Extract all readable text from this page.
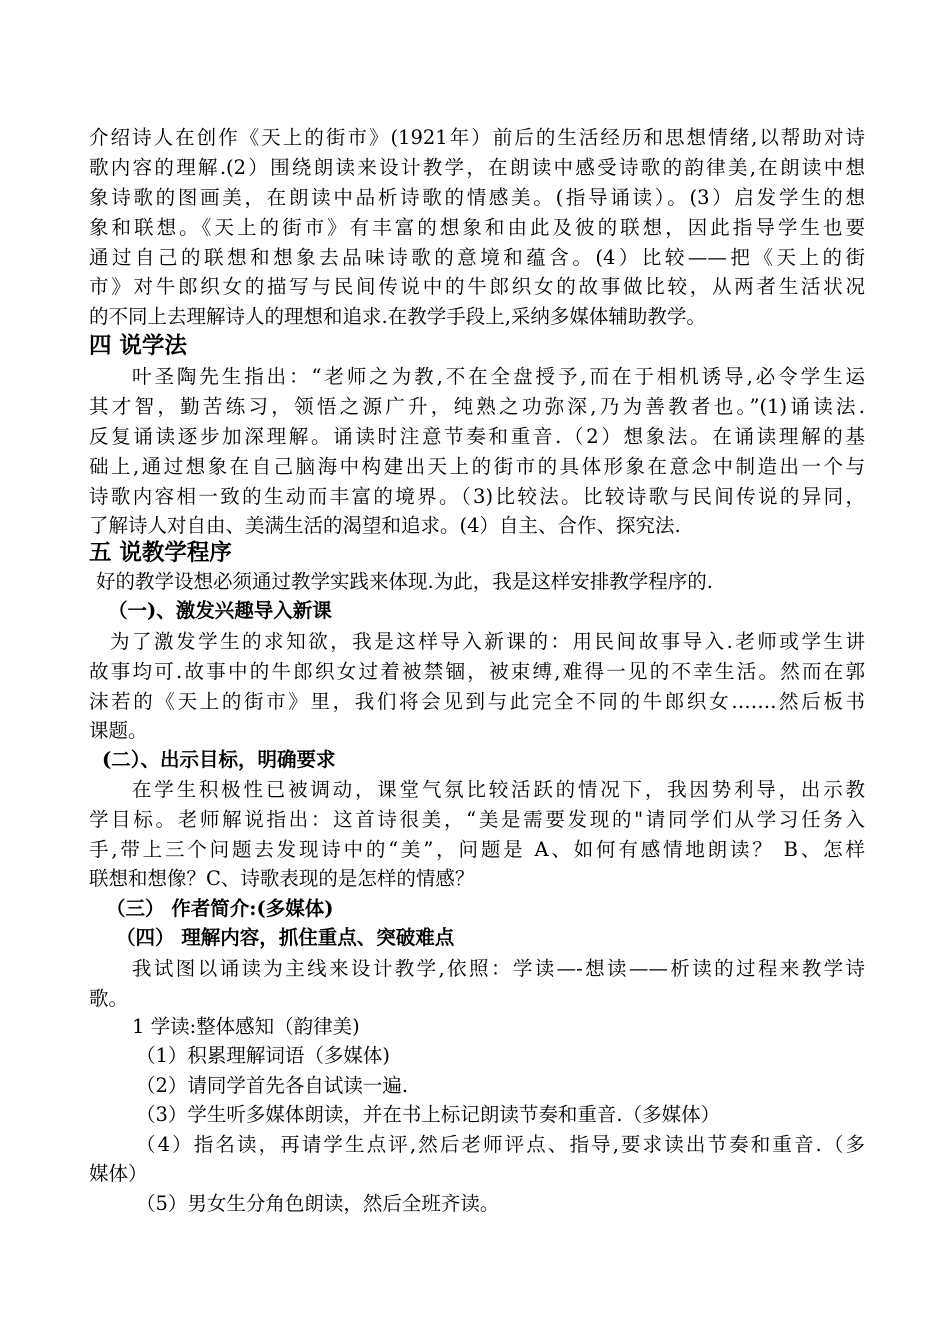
介绍诗人在创作《天上的街市》(1921年）前后的生活经历和思想情绪,以帮助对诗
歌内容的理解.(2）围绕朗读来设计教学，在朗读中感受诗歌的韵律美,在朗读中想
象诗歌的图画美，在朗读中品析诗歌的情感美。(指导诵读）。(3）启发学生的想
象和联想。《天上的街市》有丰富的想象和由此及彼的联想，因此指导学生也要
通过自己的联想和想象去品味诗歌的意境和蕴含。(4）比较——把《天上的街
市》对牛郎织女的描写与民间传说中的牛郎织女的故事做比较，从两者生活状况
的不同上去理解诗人的理想和追求.在教学手段上,采纳多媒体辅助教学。
四 说学法
叶圣陶先生指出：“老师之为教,不在全盘授予,而在于相机诱导,必令学生运
其才智，勤苦练习，领悟之源广升，纯熟之功弥深,乃为善教者也。”(1)诵读法.
反复诵读逐步加深理解。诵读时注意节奏和重音.（2）想象法。在诵读理解的基
础上,通过想象在自己脑海中构建出天上的街市的具体形象在意念中制造出一个与
诗歌内容相一致的生动而丰富的境界。（3)比较法。比较诗歌与民间传说的异同，
了解诗人对自由、美满生活的渴望和追求。(4）自主、合作、探究法.
五 说教学程序
好的教学设想必须通过教学实践来体现.为此，我是这样安排教学程序的.
（一)、激发兴趣导入新课
为了激发学生的求知欲，我是这样导入新课的：用民间故事导入.老师或学生讲
故事均可.故事中的牛郎织女过着被禁锢，被束缚,难得一见的不幸生活。然而在郭
沫若的《天上的街市》里，我们将会见到与此完全不同的牛郎织女…….然后板书
课题。
(二）、出示目标，明确要求
在学生积极性已被调动，课堂气氛比较活跃的情况下，我因势利导，出示教
学目标。老师解说指出：这首诗很美，“美是需要发现的"请同学们从学习任务入
手,带上三个问题去发现诗中的“美”，问题是 A、如何有感情地朗读？ B、怎样
联想和想像？C、诗歌表现的是怎样的情感？
（三） 作者简介:(多媒体)
（四） 理解内容，抓住重点、突破难点
我试图以诵读为主线来设计教学,依照：学读—-想读——析读的过程来教学诗
歌。
1 学读:整体感知（韵律美)
（1）积累理解词语（多媒体)
（2）请同学首先各自试读一遍.
（3）学生听多媒体朗读，并在书上标记朗读节奏和重音.（多媒体）
（4）指名读，再请学生点评,然后老师评点、指导,要求读出节奏和重音.（多
媒体）
（5）男女生分角色朗读，然后全班齐读。
